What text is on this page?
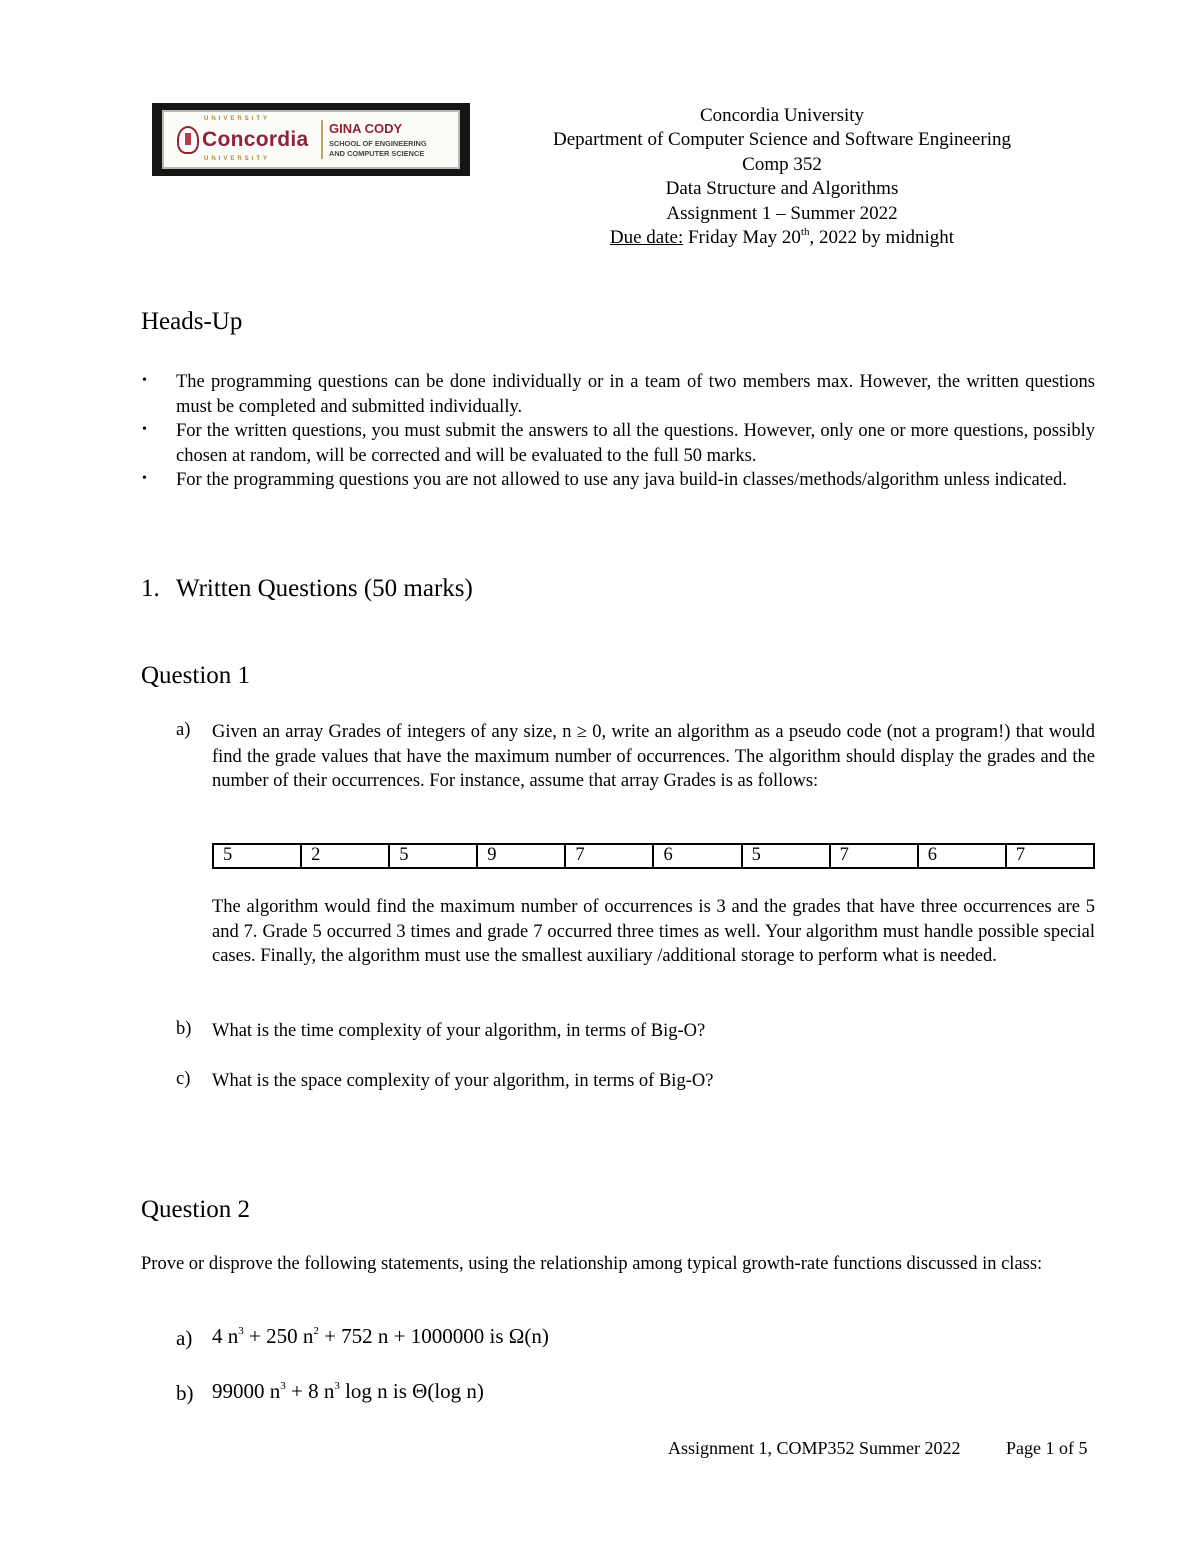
UNIVERSITY
Concordia
UNIVERSITY
GINA CODY
SCHOOL OF ENGINEERING
AND COMPUTER SCIENCE
Concordia University
Department of Computer Science and Software Engineering
Comp 352
Data Structure and Algorithms
Assignment 1 – Summer 2022
Due date: Friday May 20th, 2022 by midnight
Heads-Up
• The programming questions can be done individually or in a team of two members max. However, the written questions must be completed and submitted individually.
• For the written questions, you must submit the answers to all the questions. However, only one or more questions, possibly chosen at random, will be corrected and will be evaluated to the full 50 marks.
• For the programming questions you are not allowed to use any java build-in classes/methods/algorithm unless indicated.
1. Written Questions (50 marks)
Question 1
a) Given an array Grades of integers of any size, n ≥ 0, write an algorithm as a pseudo code (not a program!) that would find the grade values that have the maximum number of occurrences. The algorithm should display the grades and the number of their occurrences. For instance, assume that array Grades is as follows:
5	2	5	9	7	6	5	7	6	7
The algorithm would find the maximum number of occurrences is 3 and the grades that have three occurrences are 5 and 7. Grade 5 occurred 3 times and grade 7 occurred three times as well. Your algorithm must handle possible special cases. Finally, the algorithm must use the smallest auxiliary /additional storage to perform what is needed.
b) What is the time complexity of your algorithm, in terms of Big-O?
c) What is the space complexity of your algorithm, in terms of Big-O?
Question 2
Prove or disprove the following statements, using the relationship among typical growth-rate functions discussed in class:
a) 4 $n^3 + 250$ $n^2 + 752$ n + 1000000 is Ω(n)
b) 99000 $n^3 + 8$ $n^3$ log n is Θ(log n)
Assignment 1, COMP352 Summer 2022	Page 1 of 5
